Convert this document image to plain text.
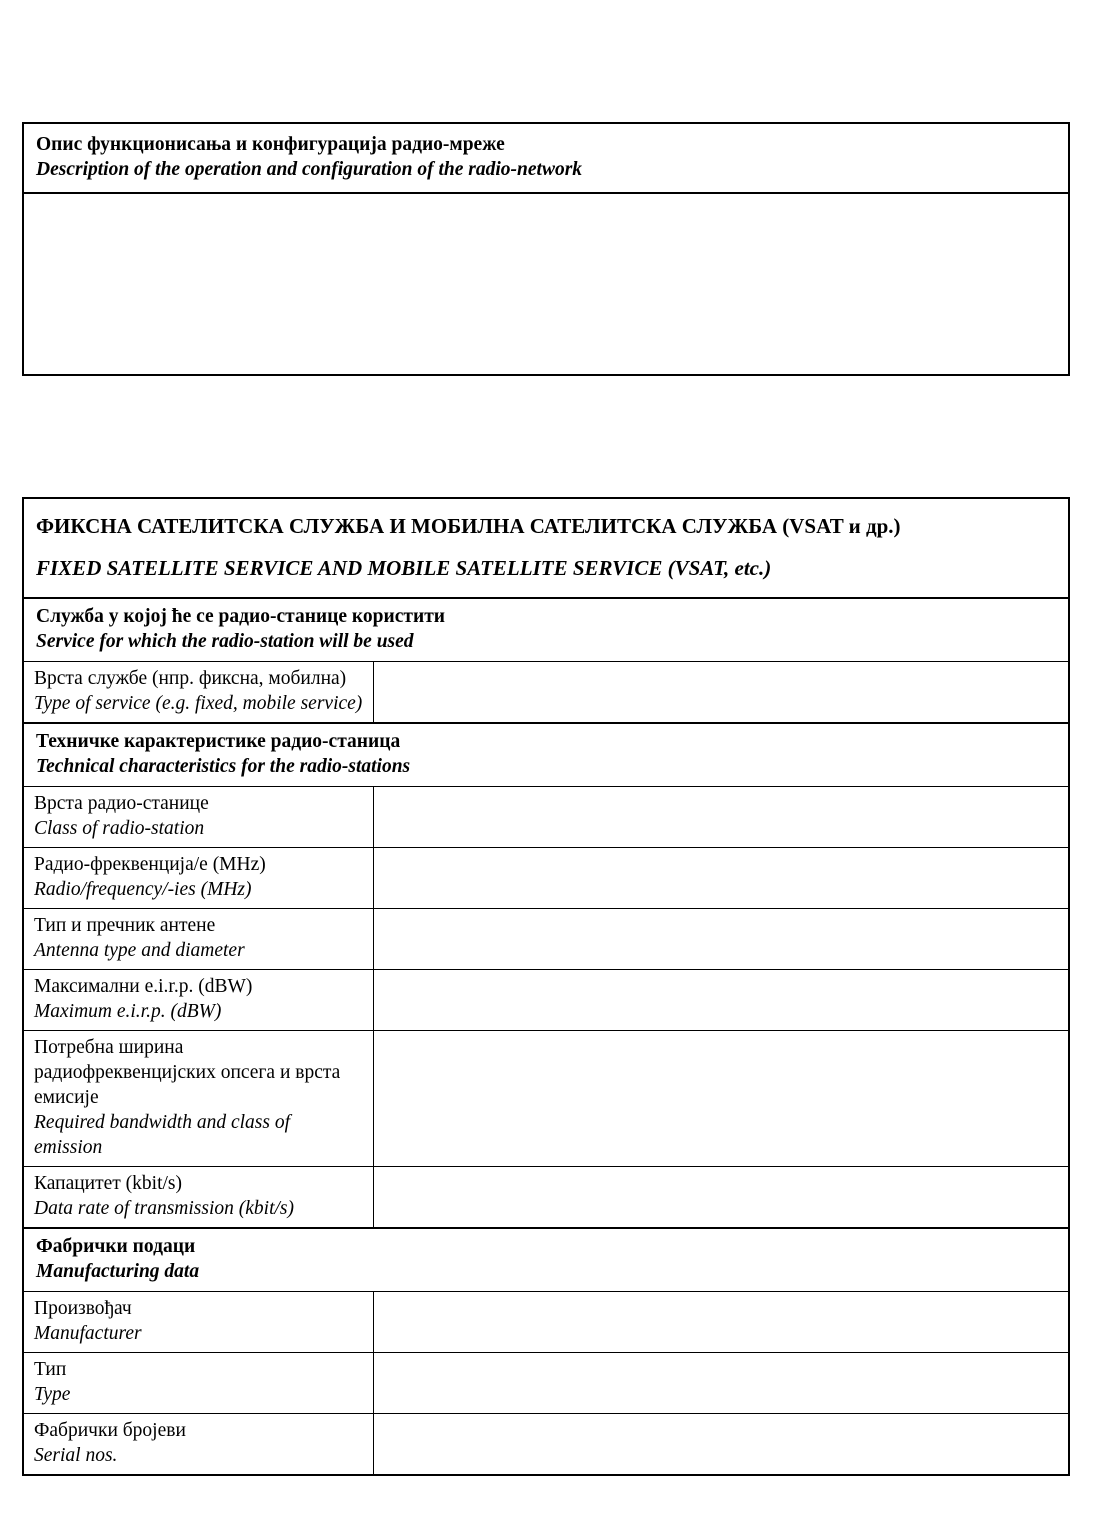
Опис функционисања и конфигурација радио-мреже
Description of the operation and configuration of the radio-network
ФИКСНА САТЕЛИТСКА СЛУЖБА И МОБИЛНА САТЕЛИТСКА СЛУЖБА (VSAT и др.)
FIXED SATELLITE SERVICE AND MOBILE SATELLITE SERVICE (VSAT, etc.)	

Служба у којој ће се радио-станице користити
Service for which the radio-station will be used	

Врста службе (нпр. фиксна, мобилна)
Type of service (e.g. fixed, mobile service)	

Техничке карактеристике радио-станица
Technical characteristics for the radio-stations	

Врста радио-станице
Class of radio-station	

Радио-фреквенција/е (MHz)
Radio/frequency/-ies (MHz)	

Тип и пречник антене
Antenna type and diameter	

Максимални e.i.r.p. (dBW)
Maximum e.i.r.p. (dBW)	

Потребна ширина радиофреквенцијских опсега и врста емисије
Required bandwidth and class of emission	

Капацитет (kbit/s)
Data rate of transmission (kbit/s)	

Фабрички подаци
Manufacturing data	

Произвођач
Manufacturer	

Тип
Type	

Фабрички бројеви
Serial nos.	
